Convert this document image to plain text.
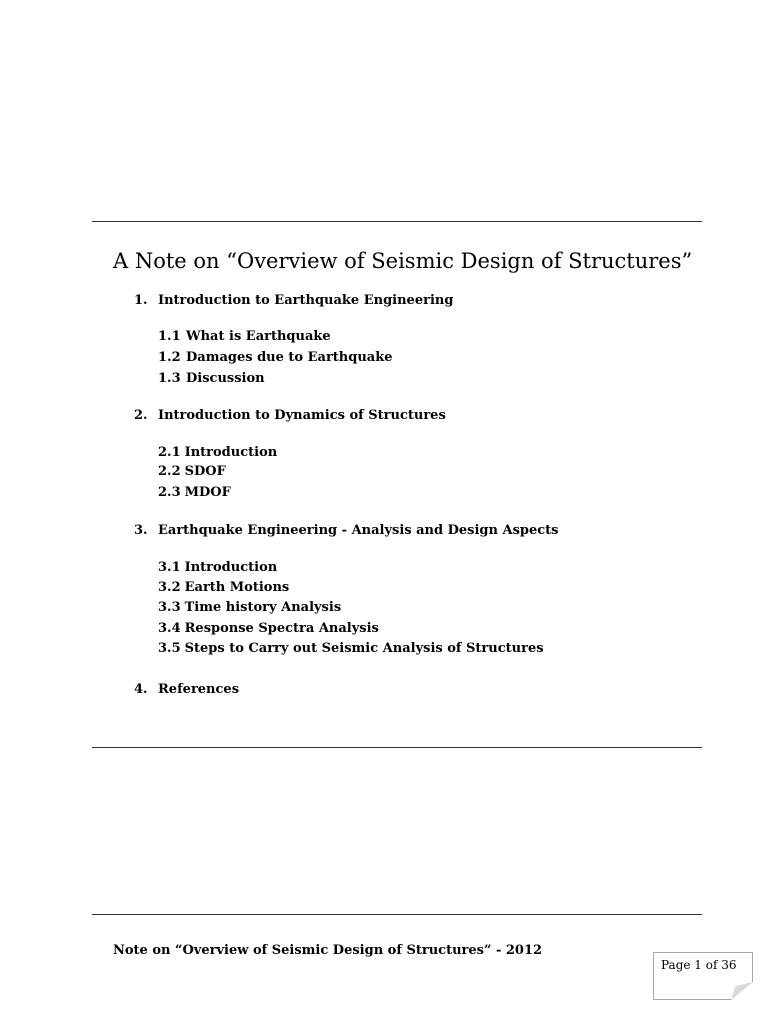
A Note on “Overview of Seismic Design of Structures”
1. Introduction to Earthquake Engineering
1.1 What is Earthquake
1.2 Damages due to Earthquake
1.3 Discussion
2. Introduction to Dynamics of Structures
2.1 Introduction
2.2 SDOF
2.3 MDOF
3. Earthquake Engineering - Analysis and Design Aspects
3.1 Introduction
3.2 Earth Motions
3.3 Time history Analysis
3.4 Response Spectra Analysis
3.5 Steps to Carry out Seismic Analysis of Structures
4. References
Note on “Overview of Seismic Design of Structures” - 2012
Page 1 of 36
